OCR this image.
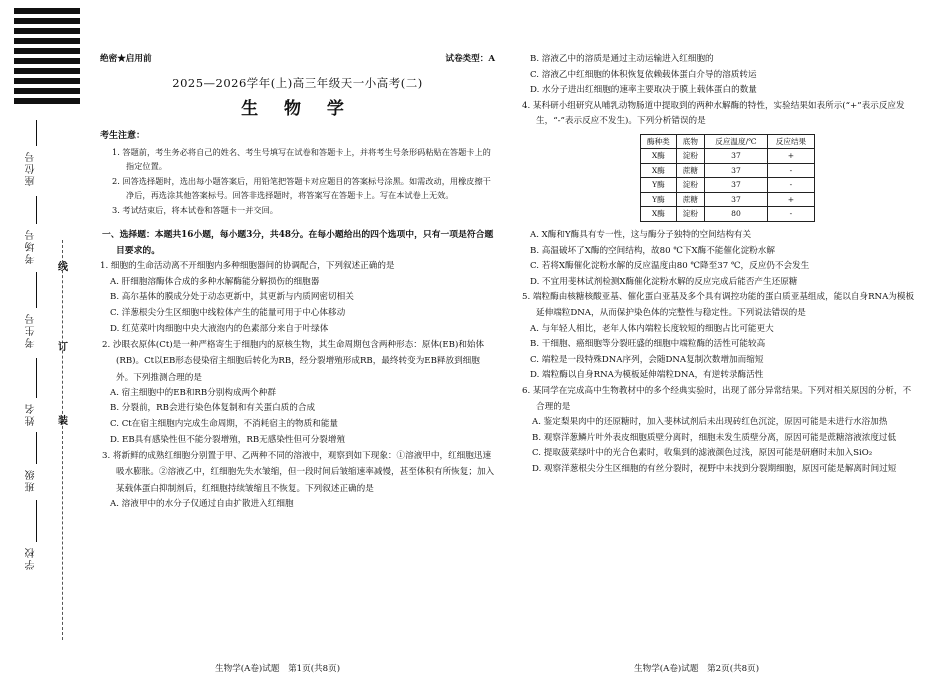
座位号
考场号
考生号
姓名
班级
学校
线
订
装
绝密★启用前	试卷类型：A
2025—2026学年(上)高三年级天一小高考(二)
生 物 学
考生注意：

1. 答题前，考生务必将自己的姓名、考生号填写在试卷和答题卡上，并将考生号条形码粘贴在答题卡上的指定位置。

2. 回答选择题时，选出每小题答案后，用铅笔把答题卡对应题目的答案标号涂黑。如需改动，用橡皮擦干净后，再选涂其他答案标号。回答非选择题时，将答案写在答题卡上。写在本试卷上无效。

3. 考试结束后，将本试卷和答题卡一并交回。

一、选择题：本题共16小题，每小题3分，共48分。在每小题给出的四个选项中，只有一项是符合题目要求的。

1. 细胞的生命活动离不开细胞内多种细胞器间的协调配合，下列叙述正确的是

A. 肝细胞溶酶体合成的多种水解酶能分解损伤的细胞器

B. 高尔基体的膜成分处于动态更新中，其更新与内质网密切相关

C. 洋葱根尖分生区细胞中线粒体产生的能量可用于中心体移动

D. 红苋菜叶肉细胞中央大液泡内的色素部分来自于叶绿体

2. 沙眼衣原体(Ct)是一种严格寄生于细胞内的原核生物，其生命周期包含两种形态：原体(EB)和始体(RB)。Ct以EB形态侵染宿主细胞后转化为RB，经分裂增殖形成RB，最终转变为EB释放到细胞外。下列推测合理的是

A. 宿主细胞中的EB和RB分别构成两个种群

B. 分裂前，RB会进行染色体复制和有关蛋白质的合成

C. Ct在宿主细胞内完成生命周期，不消耗宿主的物质和能量

D. EB具有感染性但不能分裂增殖，RB无感染性但可分裂增殖

3. 将新鲜的成熟红细胞分别置于甲、乙两种不同的溶液中，观察到如下现象：①溶液甲中，红细胞迅速吸水膨胀。②溶液乙中，红细胞先失水皱缩，但一段时间后皱缩速率减慢，甚至体积有所恢复；加入某载体蛋白抑制剂后，红细胞持续皱缩且不恢复。下列叙述正确的是

A. 溶液甲中的水分子仅通过自由扩散进入红细胞

B. 溶液乙中的溶质是通过主动运输进入红细胞的

C. 溶液乙中红细胞的体积恢复依赖载体蛋白介导的溶质转运

D. 水分子进出红细胞的速率主要取决于膜上载体蛋白的数量

4. 某科研小组研究从哺乳动物肠道中提取到的两种水解酶的特性，实验结果如表所示(“+”表示反应发生，“-”表示反应不发生)。下列分析错误的是

酶种类	底物	反应温度/℃	反应结果
X酶	淀粉	37	+
X酶	蔗糖	37	-
Y酶	淀粉	37	-
Y酶	蔗糖	37	+
X酶	淀粉	80	-

A. X酶和Y酶具有专一性，这与酶分子独特的空间结构有关

B. 高温破坏了X酶的空间结构，故80 ℃下X酶不能催化淀粉水解

C. 若将X酶催化淀粉水解的反应温度由80 ℃降至37 ℃，反应仍不会发生

D. 不宜用斐林试剂检测X酶催化淀粉水解的反应完成后能否产生还原糖

5. 端粒酶由核糖核酸亚基、催化蛋白亚基及多个具有调控功能的蛋白质亚基组成，能以自身RNA为模板延伸端粒DNA，从而保护染色体的完整性与稳定性。下列说法错误的是

A. 与年轻人相比，老年人体内端粒长度较短的细胞占比可能更大

B. 干细胞、癌细胞等分裂旺盛的细胞中端粒酶的活性可能较高

C. 端粒是一段特殊DNA序列，会随DNA复制次数增加而缩短

D. 端粒酶以自身RNA为模板延伸端粒DNA，有逆转录酶活性

6. 某同学在完成高中生物教材中的多个经典实验时，出现了部分异常结果。下列对相关原因的分析，不合理的是

A. 鉴定梨果肉中的还原糖时，加入斐林试剂后未出现砖红色沉淀，原因可能是未进行水浴加热

B. 观察洋葱鳞片叶外表皮细胞质壁分离时，细胞未发生质壁分离，原因可能是蔗糖溶液浓度过低

C. 提取菠菜绿叶中的光合色素时，收集到的滤液颜色过浅，原因可能是研磨时未加入SiO₂

D. 观察洋葱根尖分生区细胞的有丝分裂时，视野中未找到分裂期细胞，原因可能是解离时间过短

生物学(A卷)试题　第1页(共8页)	生物学(A卷)试题　第2页(共8页)
